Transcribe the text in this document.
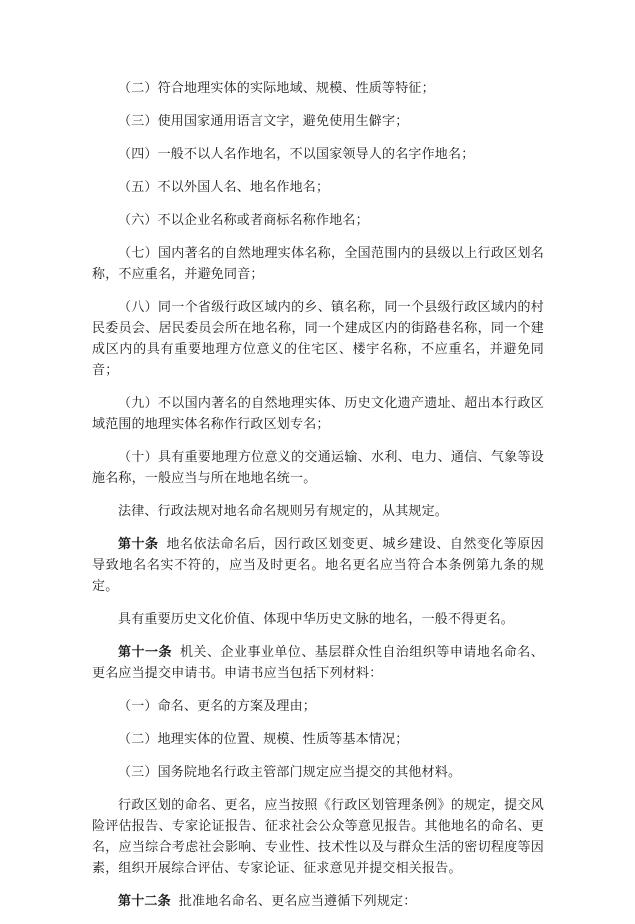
（二）符合地理实体的实际地域、规模、性质等特征；

（三）使用国家通用语言文字，避免使用生僻字；

（四）一般不以人名作地名，不以国家领导人的名字作地名；

（五）不以外国人名、地名作地名；

（六）不以企业名称或者商标名称作地名；

（七）国内著名的自然地理实体名称，全国范围内的县级以上行政区划名称，不应重名，并避免同音；

（八）同一个省级行政区域内的乡、镇名称，同一个县级行政区域内的村民委员会、居民委员会所在地名称，同一个建成区内的街路巷名称，同一个建成区内的具有重要地理方位意义的住宅区、楼宇名称，不应重名，并避免同音；

（九）不以国内著名的自然地理实体、历史文化遗产遗址、超出本行政区域范围的地理实体名称作行政区划专名；

（十）具有重要地理方位意义的交通运输、水利、电力、通信、气象等设施名称，一般应当与所在地地名统一。

法律、行政法规对地名命名规则另有规定的，从其规定。

第十条 地名依法命名后，因行政区划变更、城乡建设、自然变化等原因导致地名名实不符的，应当及时更名。地名更名应当符合本条例第九条的规定。

具有重要历史文化价值、体现中华历史文脉的地名，一般不得更名。

第十一条 机关、企业事业单位、基层群众性自治组织等申请地名命名、更名应当提交申请书。申请书应当包括下列材料：

（一）命名、更名的方案及理由；

（二）地理实体的位置、规模、性质等基本情况；

（三）国务院地名行政主管部门规定应当提交的其他材料。

行政区划的命名、更名，应当按照《行政区划管理条例》的规定，提交风险评估报告、专家论证报告、征求社会公众等意见报告。其他地名的命名、更名，应当综合考虑社会影响、专业性、技术性以及与群众生活的密切程度等因素，组织开展综合评估、专家论证、征求意见并提交相关报告。

第十二条 批准地名命名、更名应当遵循下列规定：
